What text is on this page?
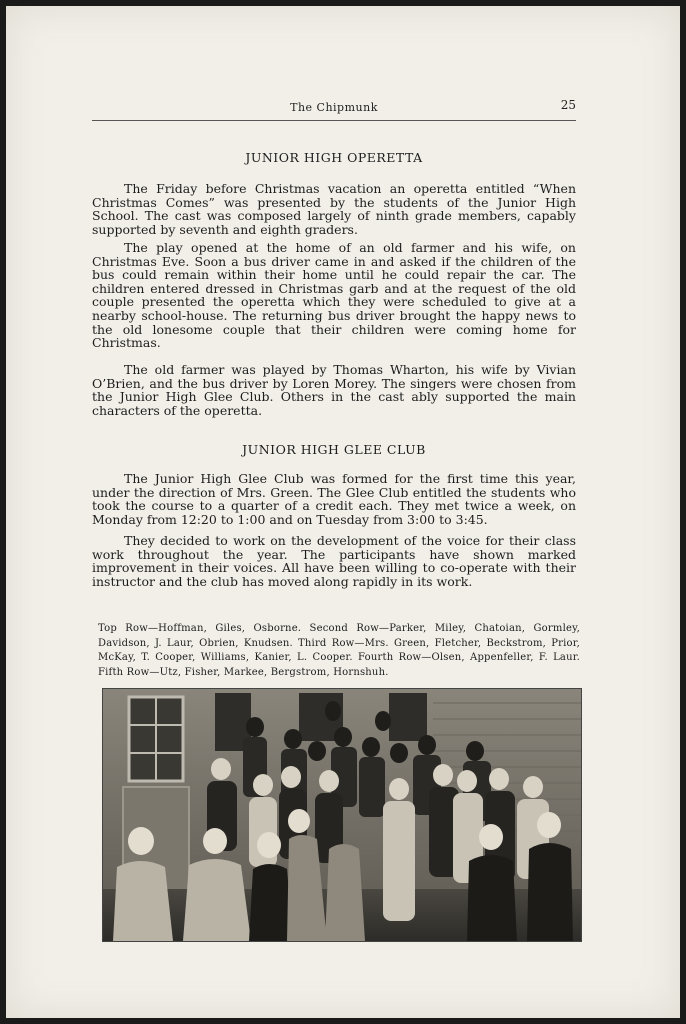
The Chipmunk	25
JUNIOR HIGH OPERETTA
The Friday before Christmas vacation an operetta entitled “When Christmas Comes” was presented by the students of the Junior High School. The cast was composed largely of ninth grade members, capably supported by seventh and eighth graders.
The play opened at the home of an old farmer and his wife, on Christmas Eve. Soon a bus driver came in and asked if the children of the bus could remain within their home until he could repair the car. The children entered dressed in Christmas garb and at the request of the old couple presented the operetta which they were scheduled to give at a nearby school-house. The returning bus driver brought the happy news to the old lonesome couple that their children were coming home for Christmas.
The old farmer was played by Thomas Wharton, his wife by Vivian O’Brien, and the bus driver by Loren Morey. The singers were chosen from the Junior High Glee Club. Others in the cast ably supported the main characters of the operetta.
JUNIOR HIGH GLEE CLUB
The Junior High Glee Club was formed for the first time this year, under the direction of Mrs. Green. The Glee Club entitled the students who took the course to a quarter of a credit each. They met twice a week, on Monday from 12:20 to 1:00 and on Tuesday from 3:00 to 3:45.
They decided to work on the development of the voice for their class work throughout the year. The participants have shown marked improvement in their voices. All have been willing to co-operate with their instructor and the club has moved along rapidly in its work.
Top Row—Hoffman, Giles, Osborne. Second Row—Parker, Miley, Chatoian, Gormley, Davidson, J. Laur, Obrien, Knudsen. Third Row—Mrs. Green, Fletcher, Beckstrom, Prior, McKay, T. Cooper, Williams, Kanier, L. Cooper. Fourth Row—Olsen, Appenfeller, F. Laur. Fifth Row—Utz, Fisher, Markee, Bergstrom, Hornshuh.
